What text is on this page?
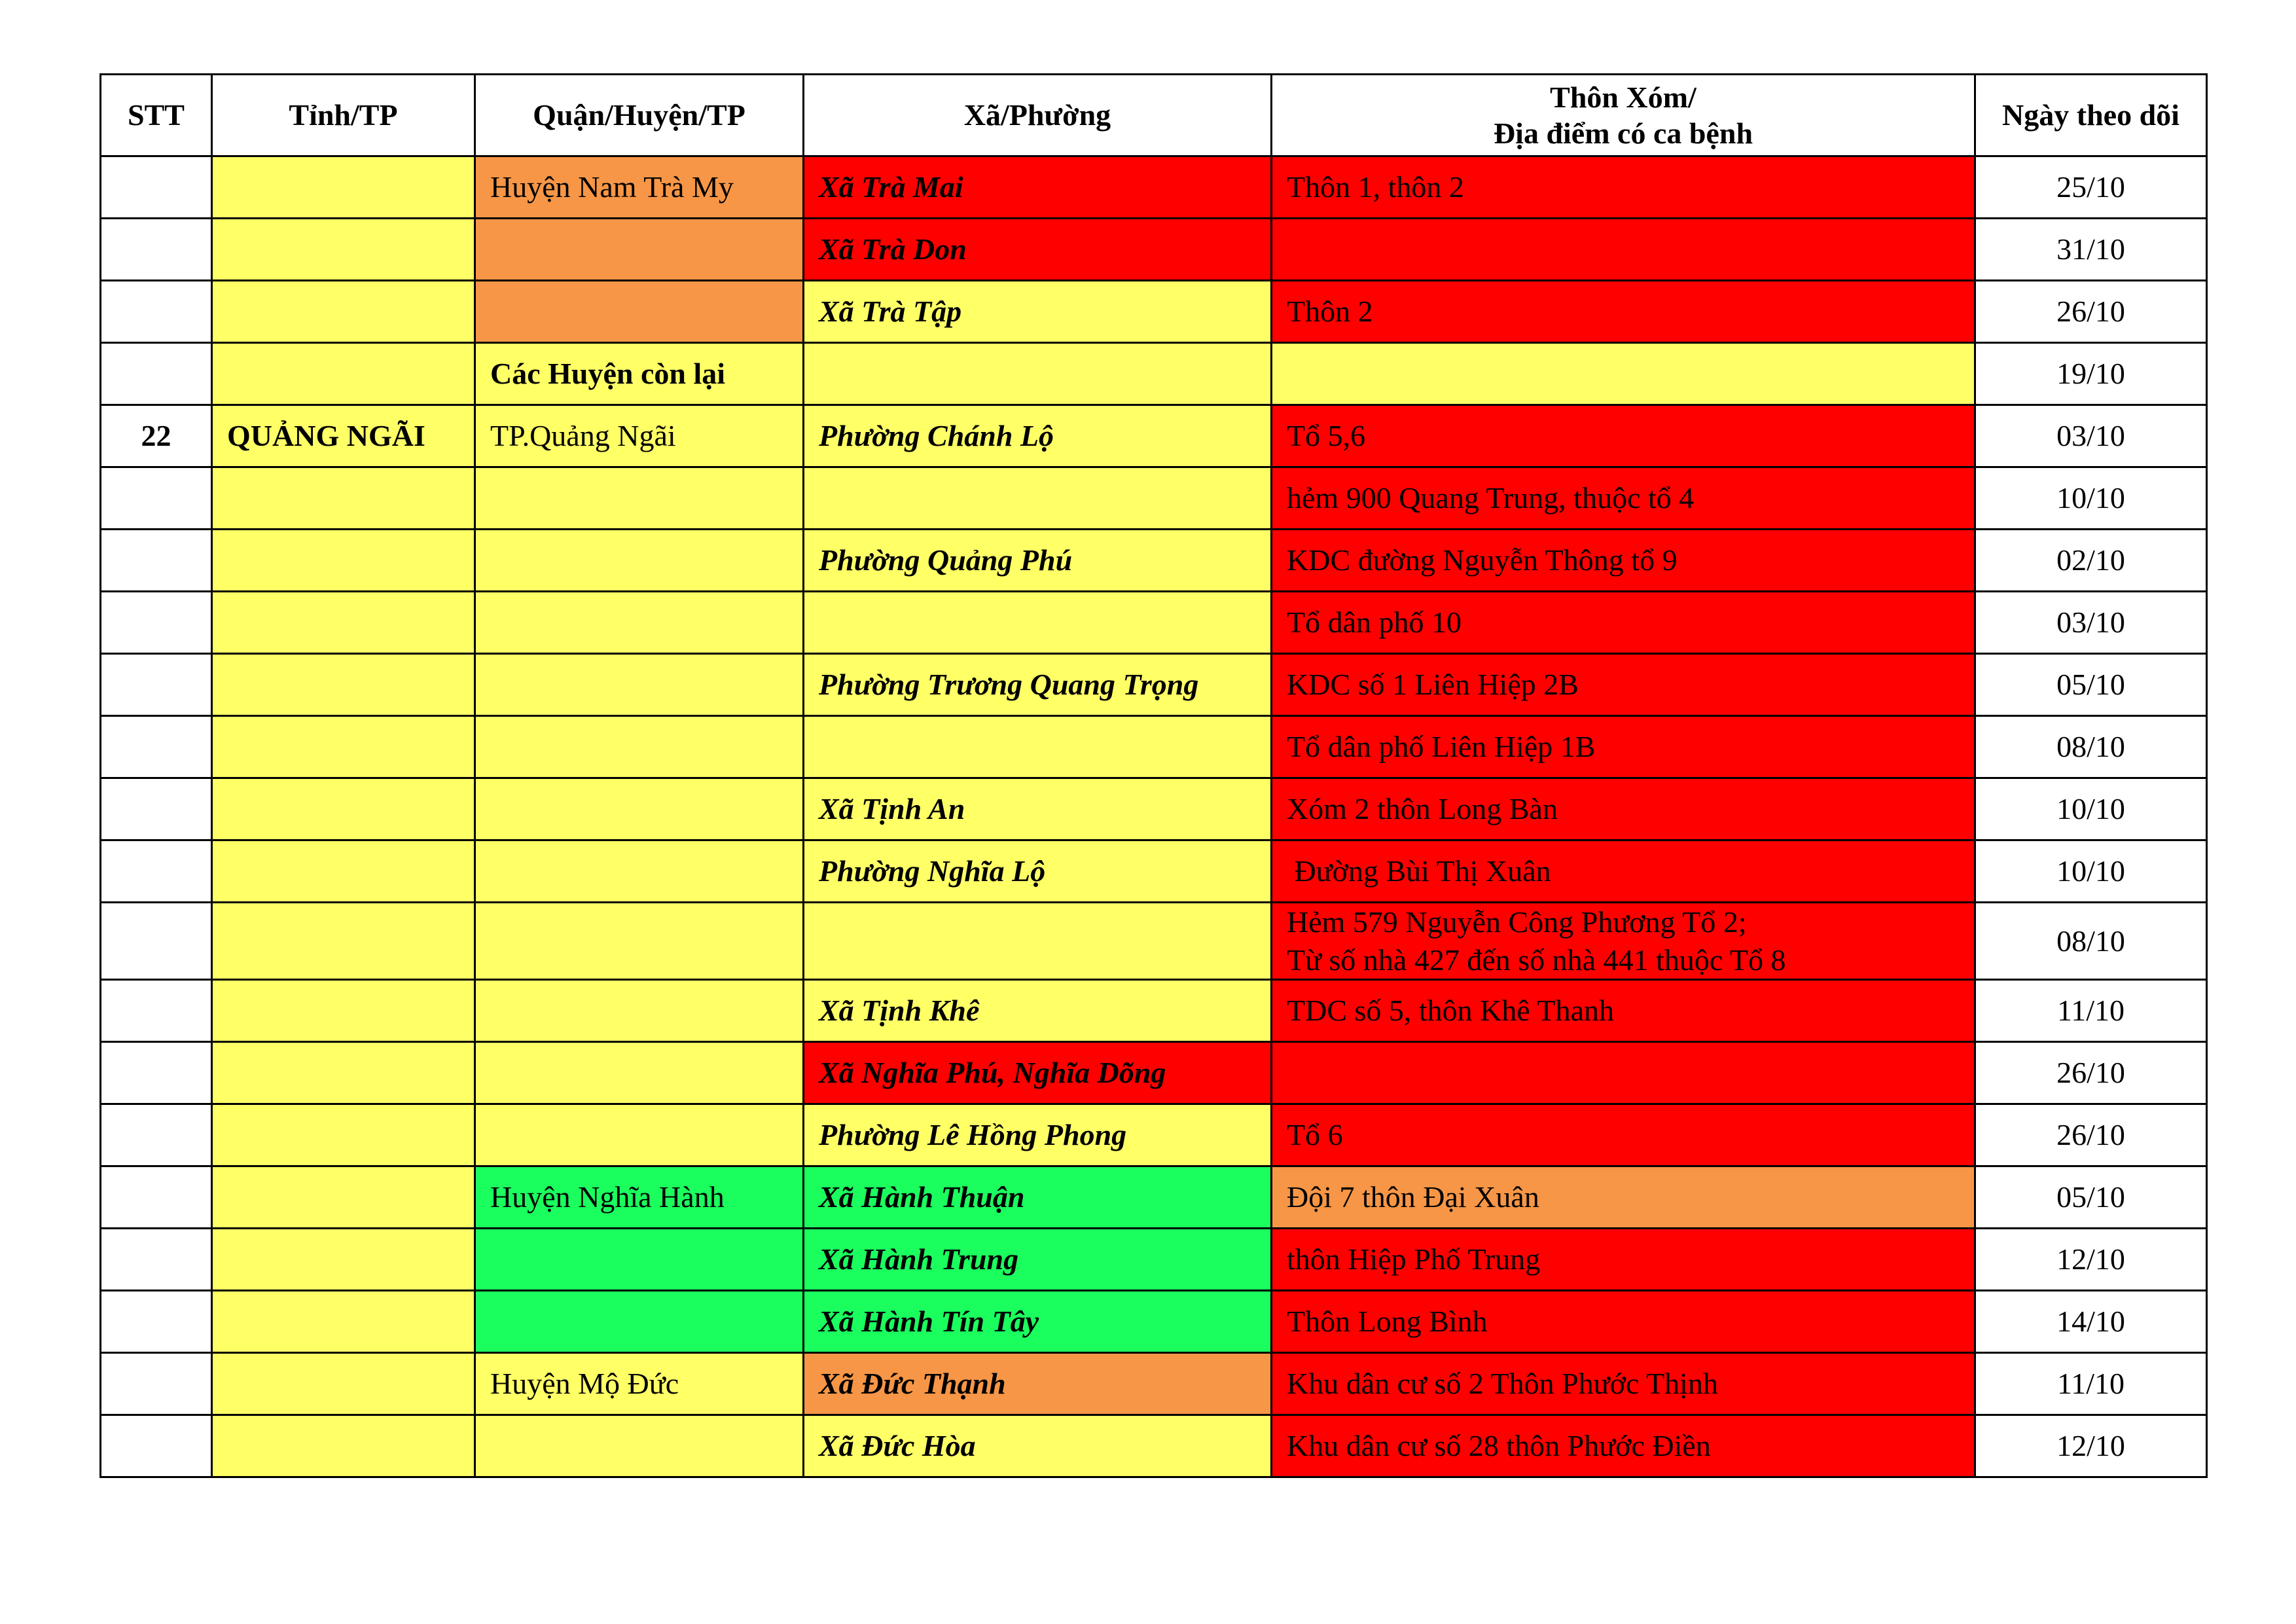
STT	Tỉnh/TP	Quận/Huyện/TP	Xã/Phường	Thôn Xóm/
Địa điểm có ca bệnh	Ngày theo dõi
		Huyện Nam Trà My	Xã Trà Mai	Thôn 1, thôn 2	25/10
			Xã Trà Don		31/10
			Xã Trà Tập	Thôn 2	26/10
		Các Huyện còn lại			19/10
22	QUẢNG NGÃI	TP.Quảng Ngãi	Phường Chánh Lộ	Tổ 5,6	03/10
				hẻm 900 Quang Trung, thuộc tổ 4	10/10
			Phường Quảng Phú	KDC đường Nguyễn Thông tổ 9	02/10
				Tổ dân phố 10	03/10
			Phường Trương Quang Trọng	KDC số 1 Liên Hiệp 2B	05/10
				Tổ dân phố Liên Hiệp 1B	08/10
			Xã Tịnh An	Xóm 2 thôn Long Bàn	10/10
			Phường Nghĩa Lộ	Đường Bùi Thị Xuân	10/10
				Hẻm 579 Nguyễn Công Phương Tổ 2;
Từ số nhà 427 đến số nhà 441 thuộc Tổ 8	08/10
			Xã Tịnh Khê	TDC số 5, thôn Khê Thanh	11/10
			Xã Nghĩa Phú, Nghĩa Dõng		26/10
			Phường Lê Hồng Phong	Tổ 6	26/10
		Huyện Nghĩa Hành	Xã Hành Thuận	Đội 7 thôn Đại Xuân	05/10
			Xã Hành Trung	thôn Hiệp Phố Trung	12/10
			Xã Hành Tín Tây	Thôn Long Bình	14/10
		Huyện Mộ Đức	Xã Đức Thạnh	Khu dân cư số 2 Thôn Phước Thịnh	11/10
			Xã Đức Hòa	Khu dân cư số 28 thôn Phước Điền	12/10
